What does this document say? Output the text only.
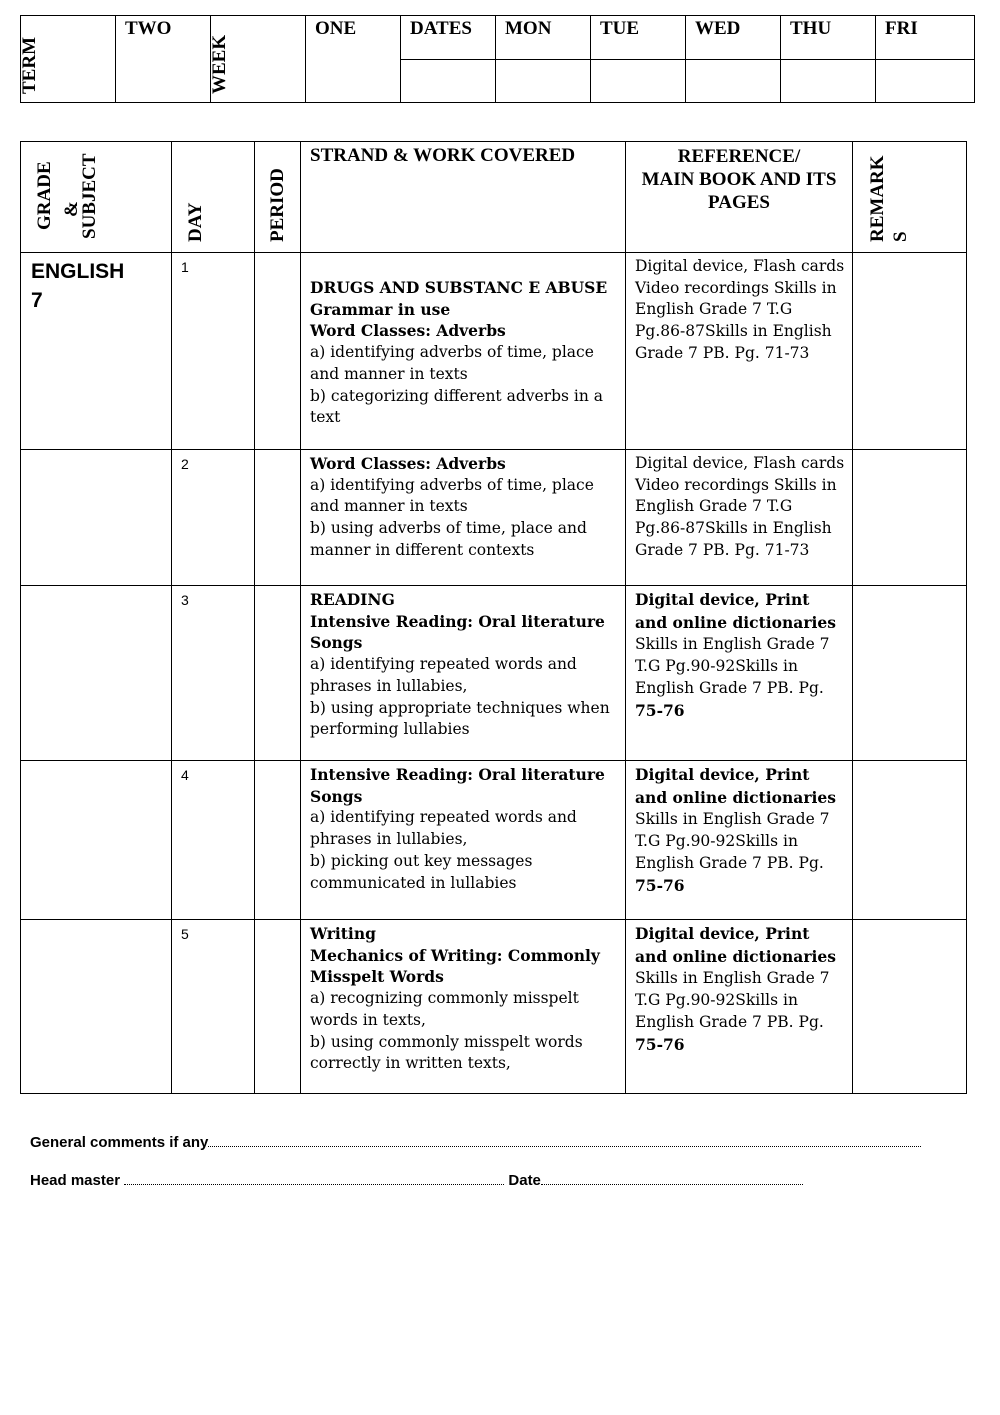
TERM	TWO	WEEK	ONE	DATES	MON	TUE	WED	THU	FRI

GRADE &
SUBJECT	DAY	PERIOD	STRAND & WORK COVERED	REFERENCE/
MAIN BOOK AND ITS
PAGES	REMARK S

ENGLISH
7	1		DRUGS AND SUBSTANC E ABUSE
Grammar in use
Word Classes: Adverbs
a) identifying adverbs of time, place and manner in texts
b) categorizing different adverbs in a text	Digital device, Flash cards Video recordings Skills in English Grade 7 T.G Pg.86-87Skills in English Grade 7 PB. Pg. 71-73	
	2		Word Classes: Adverbs
a) identifying adverbs of time, place and manner in texts
b) using adverbs of time, place and manner in different contexts	Digital device, Flash cards Video recordings Skills in English Grade 7 T.G Pg.86-87Skills in English Grade 7 PB. Pg. 71-73	
	3		READING
Intensive Reading: Oral literature Songs
a) identifying repeated words and phrases in lullabies,
b) using appropriate techniques when performing lullabies	Digital device, Print and online dictionaries Skills in English Grade 7 T.G Pg.90-92Skills in English Grade 7 PB. Pg. 75-76	
	4		Intensive Reading: Oral literature Songs
a) identifying repeated words and phrases in lullabies,
b) picking out key messages communicated in lullabies	Digital device, Print and online dictionaries Skills in English Grade 7 T.G Pg.90-92Skills in English Grade 7 PB. Pg. 75-76	
	5		Writing
Mechanics of Writing: Commonly Misspelt Words
a) recognizing commonly misspelt words in texts,
b) using commonly misspelt words correctly in written texts,	Digital device, Print and online dictionaries Skills in English Grade 7 T.G Pg.90-92Skills in English Grade 7 PB. Pg. 75-76	
General comments if any
Head master	Date
